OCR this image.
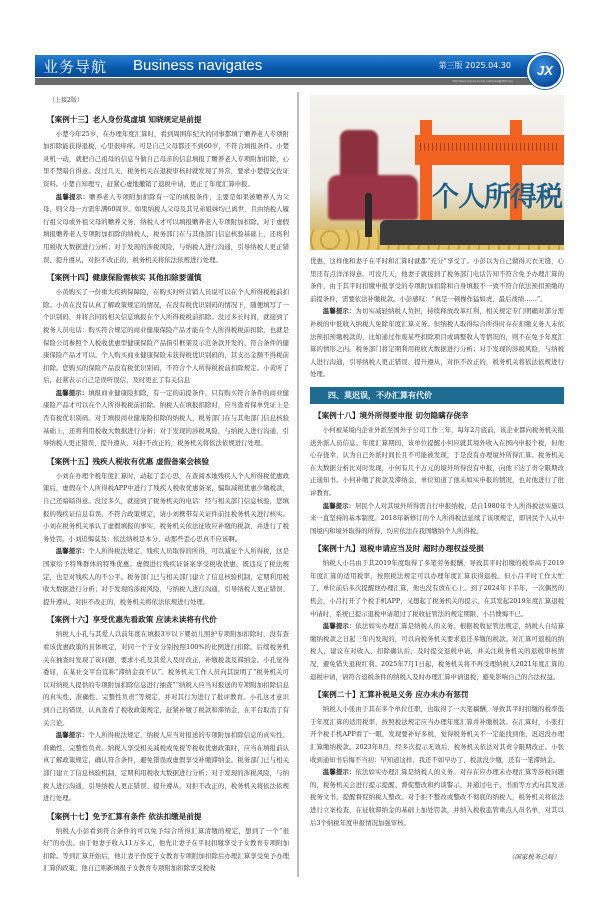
业务导航 Business navigates	第三版 2025.04.30
http://www.cnjx-ta.com E-mail:jxxw@163.com
JX
（上接2版）
【案例十三】老人身份莫虚填 知晓规定是前提

小楚今年25岁，在办理年度汇算时，看到周围年纪大的同事都填了赡养老人专项附加扣除能获得退税，心里很痒痒。可是自己父母都还不到60岁，不符合填报条件。小楚灵机一动，就把自己祖母的信息当做自己母亲的信息填报了赡养老人专项附加扣除，心里不禁暗自得意。没过几天，税务机关在退税审核时就发现了异常，要求小楚提交佐证资料。小楚自知理亏，赶紧心虚地撤销了退税申请，更正了年度汇算申报。

温馨提示：赡养老人专项附加扣除有一定的填报条件，主要是如果被赡养人为父母，则父母一方需年满60周岁。如果纳税人父母及其兄弟姐妹均已离世，且由纳税人履行祖父母或外祖父母的赡养义务，纳税人才可以填报赡养老人专项附加扣除。对于虚假填报赡养老人专项附加扣除的纳税人，税务部门在与其他部门信息核验基础上，还将利用税收大数据进行分析；对于发现的涉税风险，与纳税人进行沟通，引导纳税人更正错误、提升遵从，对拒不改正的，税务机关将依法依规进行处理。

【案例十四】健康保险需核实 其他扣除要谨慎

小黄购买了一份重大疾病保障险，在购买时听营销人员说可以在个人所得税税前扣除。小黄在没有认真了解政策规定的情况，在没有税优识别码的情况下，随便填写了一个识别码，并将合同的相关信息填报在个人所得税税前扣除。没过多长时间，就接到了税务人员电话：购买符合规定的商业健康保险产品才能在个人所得税税前扣除，也就是保险公司参照个人税收优惠型健康保险产品指引框架及示范条款开发的、符合条件的健康保险产品才可以。个人购买商业健康保险未获得税优识别码的，其支出金额不得税前扣除。您购买的保险产品没有税优识别码，不符合个人所得税税前扣除规定。小黄听了后，赶紧表示自己是误听误信，及时更正了有关信息

温馨提示：填报商业健康险扣除，有一定的前提条件，只有购买符合条件的商业健康险产品才可以在个人所得税税前扣除。纳税人在填报扣除时，应当查看保单凭证上是否有税优识别码。对于填报商业健康险扣除的纳税人，税务部门在与其他部门信息核验基础上，还将利用税收大数据进行分析；对于发现的涉税风险，与纳税人进行沟通，引导纳税人更正错误、提升遵从，对拒不改正的，税务机关将依法依规进行处理。

【案例十五】残疾人税收有优惠 虚假备案会核验

小刘在办理个税年度汇算时，动起了歪心思，在查阅本地残疾人个人所得税优惠政策后，虚假在个人所得税APP中进行了残疾人税收优惠备案，骗取减税优惠少缴税款，自己还暗暗得意。没过多久，就接到了税务机关的电话：经与相关部门信息核验，您填报的残疾证信息有误，不符合政策规定，请小刘携带有关证件前往税务机关进行核实。小刘在税务机关承认了虚假填报的事实，税务机关依法征收应补缴的税款，并进行了税务处罚。小刘追悔莫及：依法纳税是本分，动那些歪心思真不应该啊。

温馨提示：个人所得税法规定，残疾人员取得的所得，可以减征个人所得税，这是国家给予特殊群体的特殊优惠。虚假进行残疾证备案享受税收优惠，既违反了税法规定，也是对残疾人的不公平。税务部门已与相关部门建立了信息核验机制，定期利用税收大数据进行分析；对于发现的涉税风险，与纳税人进行沟通，引导纳税人更正错误、提升遵从，对拒不改正的，税务机关将依法依规进行处理。

【案例十六】享受优惠先看政策 应读未读将有代价

纳税人小孔与其爱人以前年度在填报3岁以下婴幼儿照护专项附加扣除时，没有查看该优惠政策的具体规定，对同一个子女分别按照100%的比例进行扣除。后续税务机关在抽查时发现了该问题，要求小孔及其爱人及时改正，补缴税款及滞纳金。小孔觉得委屈，在某社交平台宣称“滞纳金我不认”。税务机关工作人员向其说明了“税务机关可以对纳税人提供的专项附加扣除信息进行抽查”“纳税人应当对报送的专项附加扣除信息的真实性、准确性、完整性负责”等规定，并对其行为进行了批评教育。小孔这才意识到自己的错误，认真查看了税收政策规定，赶紧补缴了税款和滞纳金，在平台取消了有关言论。

温馨提示：个人所得税法规定，纳税人应当对报送的专项附加扣除信息的真实性、准确性、完整性负责。纳税人享受相关减税或免税等税收优惠政策时，应当在填报前认真了解政策规定，确认符合条件，避免错误或虚假享受补缴滞纳金。税务部门已与相关部门建立了信息核验机制，定期利用税收大数据进行分析；对于发现的涉税风险，与纳税人进行沟通，引导纳税人更正错误、提升遵从，对拒不改正的，税务机关将依法依规进行处理。

【案例十七】免予汇算有条件 依法扣缴是前提

纳税人小彭看到符合条件的可以免予综合所得汇算清缴的规定，想到了一个“很好”的办法。由于他妻子收入11万多元，他先让妻子在平时扣缴享受子女教育专项附加扣除。等到汇算开始后，他让妻子作废子女教育专项附加扣除后办理汇算享受免予办理汇算的政策，他自己则新填报子女教育专项附加扣除享受税收

个人所得税

优惠，这样他和妻子在平时和汇算时就都“充分”享受了。小彭以为自己做得天衣无缝，心里还有点洋洋得意。可没几天，他妻子就接到了税务部门电话告知不符合免予办理汇算的条件，由于其平时扣缴申报享受的专项附加扣除和自身填报不一致不符合依法预扣预缴的前提条件，需要依法补缴税款。小彭感叹：“真是一顿操作猛如虎，最后战绩……”。

温馨提示：为切实减轻纳税人负担，持续释放改革红利，相关规定专门明确对部分需补税的中低收入纳税人免除年度汇算义务。但纳税人取得综合所得时存在扣缴义务人未依法预扣预缴税款的，比如通过作废某些扣除项目或调整收入等情况的，则不在免予年度汇算的情形之内。税务部门将定期利用税收大数据进行分析；对于发现的涉税风险，与纳税人进行沟通，引导纳税人更正错误、提升遵从，对拒不改正的，税务机关将依法依规进行处理。

四、莫迟误，不办汇算有代价
【案例十八】境外所得要申报 切勿隐瞒存侥幸

小何被某境内企业外派至国外子公司工作三年，每年2月底前，该企业都向税务机关报送外派人员信息。年度汇算期间，该单位提醒小何应就其境外收入在国内申报个税，但他心存侥幸，认为自己外派时间长且不可能被发现，于是没有办理境外所得汇算。税务机关在大数据分析比对时发现，小何有几十万元的境外所得没有申报，向他下达了责令限期改正通知书。小何补缴了税款及滞纳金，单位知道了他未如实申报的情况，也对他进行了批评教育。

温馨提示：居民个人对其境外所得需自行申报纳税，是自1980年个人所得税法实施以来一直坚持的基本制度。2018年新修订的个人所得税法延续了该项规定，即居民个人从中国境内和境外取得的所得，均应依法在我国缴纳个人所得税。

【案例十九】退税申请应当及时 超时办理权益受损

纳税人小吕由于其2019年度取得了多笔劳务报酬，导致其平时扣缴的税率高于2019年度汇算的适用税率，按照税法规定可以办理年度汇算获得退税。但小吕平时工作太忙了，单位前后多次提醒他办理汇算，他也没有放在心上。到了2024年下半年，一次偶然的机会，小吕打开了个税手机APP，又想起了税务机关的提示，在其发起2019年度汇算退税申请时，系统已提示退税申请超过了税收征管法的规定期限，小吕懊悔不已。

温馨提示：依法如实办理汇算是纳税人的义务。根据税收征管法规定，纳税人自结算缴纳税款之日起三年内发现的，可以向税务机关要求退还多缴的税款。对汇算可退税的纳税人，建议在对收入、扣除确认后，及时提交退税申请，并关注税务机关的退税审核情况，避免错失退税红利。2025年7月1日起，税务机关将不再受理纳税人2021年度汇算的退税申请，请符合退税条件的纳税人及时办理汇算申请退税，避免影响自己的合法权益。

【案例二十】汇算补税是义务 应办未办有惩罚

纳税人小张由于其在多个单位任职，也取得了一大笔稿酬，导致其平时扣缴的税率低于年度汇算的适用税率，按照税法规定应当办理年度汇算并补缴税款。在汇算时，小张打开个税手机APP看了一眼，发现要补好多税，觉得税务机关不一定能找到他，迟迟没办理汇算缴纳税款。2023年8月，经多次提示无效后，税务机关依法对其责令限期改正。小张收到通知书后悔不当初：早知道这样，我还不如早办了，税款没少缴，还有一笔滞纳金。

温馨提示：依法如实办理汇算是纳税人的义务。对存在应办理未办理汇算等涉税问题的，税务机关会进行提示提醒、督促整改和约谈警示，并通过电子、书面等方式向其发送税务文书，提醒督促纳税人整改。对于拒不整改或整改不彻底的纳税人，税务机关将依法进行立案检查，在征收滞纳金的基础上加处罚款，并纳入税收监管重点人员名单，对其以后3个纳税年度申报情况加强审核。

（国家税务总局）
